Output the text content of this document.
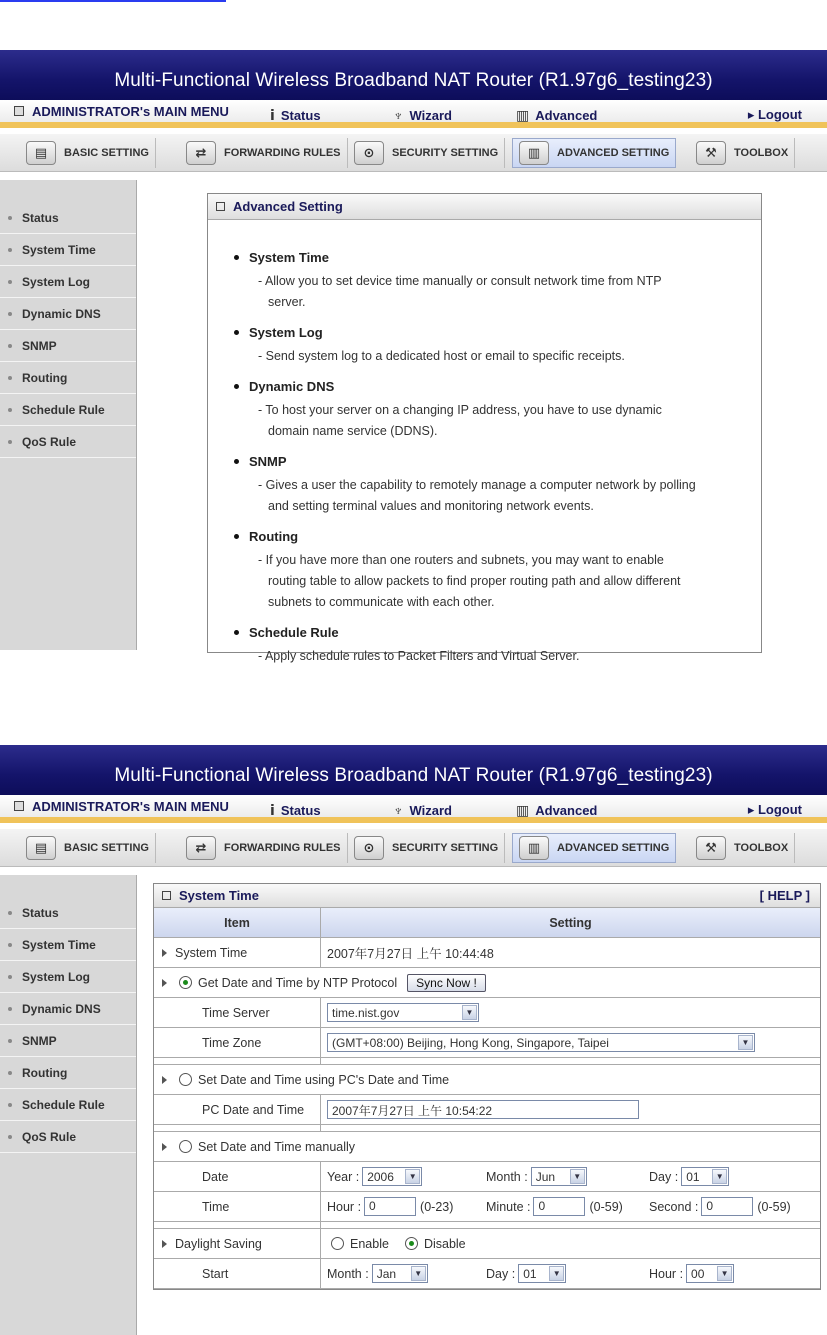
Multi-Functional Wireless Broadband NAT Router (R1.97g6_testing23)
ADMINISTRATOR's MAIN MENU	ⅰ Status	♆ Wizard	▥ Advanced	▸ Logout
▤	BASIC SETTING	⇄	FORWARDING RULES	⊙	SECURITY SETTING	▥	ADVANCED SETTING	⚒	TOOLBOX
Status
System Time
System Log
Dynamic DNS
SNMP
Routing
Schedule Rule
QoS Rule
Advanced Setting
System Time
- Allow you to set device time manually or consult network time from NTP
server.
System Log
- Send system log to a dedicated host or email to specific receipts.
Dynamic DNS
- To host your server on a changing IP address, you have to use dynamic
domain name service (DDNS).
SNMP
- Gives a user the capability to remotely manage a computer network by polling
and setting terminal values and monitoring network events.
Routing
- If you have more than one routers and subnets, you may want to enable
routing table to allow packets to find proper routing path and allow different
subnets to communicate with each other.
Schedule Rule
- Apply schedule rules to Packet Filters and Virtual Server.
Multi-Functional Wireless Broadband NAT Router (R1.97g6_testing23)
ADMINISTRATOR's MAIN MENU	ⅰ Status	♆ Wizard	▥ Advanced	▸ Logout
▤	BASIC SETTING	⇄	FORWARDING RULES	⊙	SECURITY SETTING	▥	ADVANCED SETTING	⚒	TOOLBOX
Status
System Time
System Log
Dynamic DNS
SNMP
Routing
Schedule Rule
QoS Rule
System Time	[ HELP ]
Item	Setting
System Time	2007年7月27日 上午 10:44:48
Get Date and Time by NTP Protocol	Sync Now !
Time Server	time.nist.gov	▼
Time Zone	(GMT+08:00) Beijing, Hong Kong, Singapore, Taipei	▼
Set Date and Time using PC's Date and Time
PC Date and Time	2007年7月27日 上午 10:54:22
Set Date and Time manually
Date	Year : 2006	▼	Month : Jun	▼	Day : 01	▼
Time	Hour : 0	(0-23)	Minute : 0	(0-59) Second : 0	(0-59)
Daylight Saving	Enable	Disable
Start	Month : Jan	▼	Day : 01	▼	Hour : 00	▼
